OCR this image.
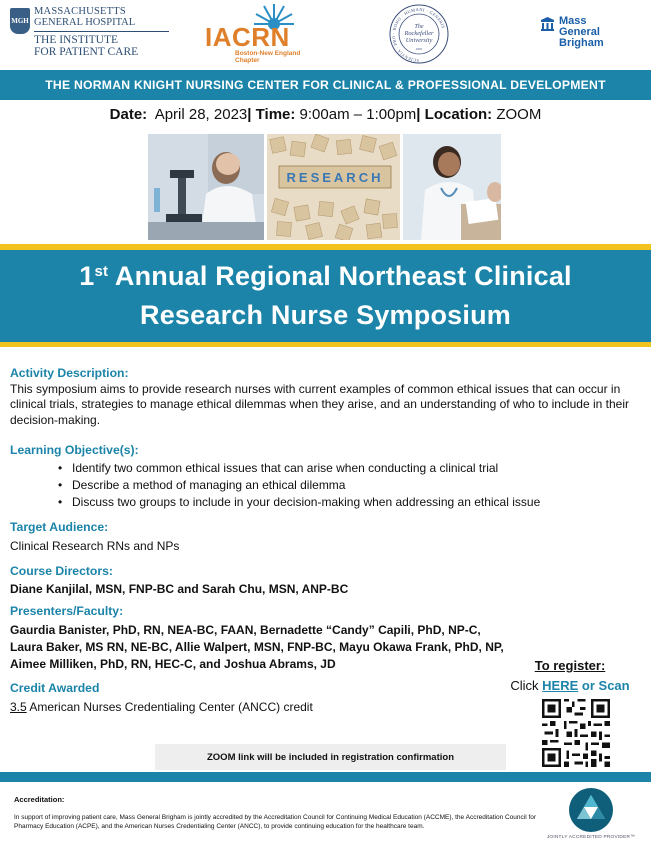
MGH
MASSACHUSETTS
GENERAL HOSPITAL
THE INSTITUTE
FOR PATIENT CARE	IACRN
Boston-New England
Chapter	SCIENTIA · PRO · BONO · HUMANI · GENERIS
The
Rockefeller
University
1901
Mass
General
Brigham
THE NORMAN KNIGHT NURSING CENTER FOR CLINICAL & PROFESSIONAL DEVELOPMENT
Date: April 28, 2023| Time: 9:00am – 1:00pm| Location: ZOOM
RESEARCH
1st Annual Regional Northeast Clinical
Research Nurse Symposium
Activity Description:
This symposium aims to provide research nurses with current examples of common ethical issues that can occur in clinical trials, strategies to manage ethical dilemmas when they arise, and an understanding of who to include in their decision-making.
Learning Objective(s):
• Identify two common ethical issues that can arise when conducting a clinical trial
• Describe a method of managing an ethical dilemma
• Discuss two groups to include in your decision-making when addressing an ethical issue
Target Audience:
Clinical Research RNs and NPs
Course Directors:
Diane Kanjilal, MSN, FNP-BC and Sarah Chu, MSN, ANP-BC
Presenters/Faculty:
Gaurdia Banister, PhD, RN, NEA-BC, FAAN, Bernadette “Candy” Capili, PhD, NP-C,
Laura Baker, MS RN, NE-BC, Allie Walpert, MSN, FNP-BC, Mayu Okawa Frank, PhD, NP,
Aimee Milliken, PhD, RN, HEC-C, and Joshua Abrams, JD
Credit Awarded
3.5 American Nurses Credentialing Center (ANCC) credit
To register:
Click HERE or Scan
ZOOM link will be included in registration confirmation
Accreditation:
In support of improving patient care, Mass General Brigham is jointly accredited by the Accreditation Council for Continuing Medical Education (ACCME), the Accreditation Council for Pharmacy Education (ACPE), and the American Nurses Credentialing Center (ANCC), to provide continuing education for the healthcare team.
JOINTLY ACCREDITED PROVIDER™
